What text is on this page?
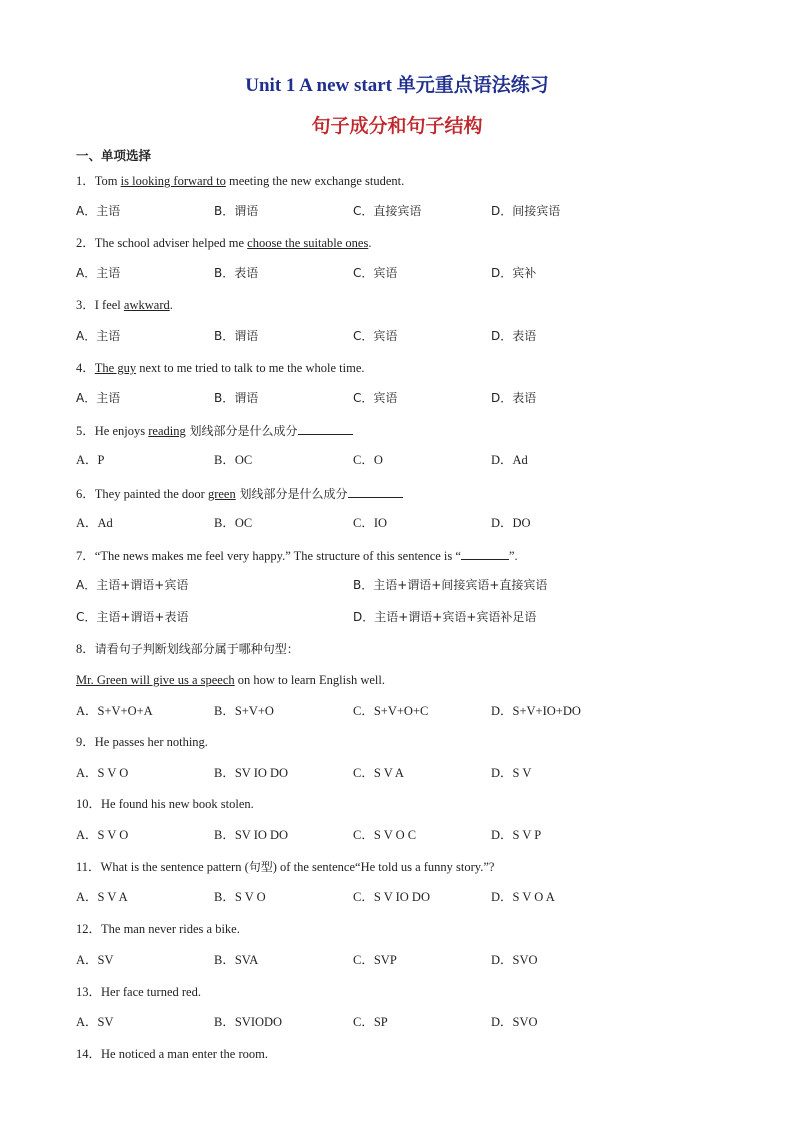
Unit 1 A new start 单元重点语法练习
句子成分和句子结构
一、单项选择
1．Tom is looking forward to meeting the new exchange student.
A．主语	B．谓语	C．直接宾语	D．间接宾语
2．The school adviser helped me choose the suitable ones.
A．主语	B．表语	C．宾语	D．宾补
3．I feel awkward.
A．主语	B．谓语	C．宾语	D．表语
4．The guy next to me tried to talk to me the whole time.
A．主语	B．谓语	C．宾语	D．表语
5．He enjoys reading 划线部分是什么成分
A．P	B．OC	C．O	D．Ad
6．They painted the door green 划线部分是什么成分
A．Ad	B．OC	C．IO	D．DO
7．“The news makes me feel very happy.” The structure of this sentence is “	”.
A．主语+谓语+宾语	B．主语+谓语+间接宾语+直接宾语
C．主语+谓语+表语	D．主语+谓语+宾语+宾语补足语
8．请看句子判断划线部分属于哪种句型：
Mr. Green will give us a speech on how to learn English well.
A．S+V+O+A	B．S+V+O	C．S+V+O+C	D．S+V+IO+DO
9．He passes her nothing.
A．S V O	B．SV IO DO	C．S V A	D．S V
10．He found his new book stolen.
A．S V O	B．SV IO DO	C．S V O C	D．S V P
11．What is the sentence pattern (句型) of the sentence“He told us a funny story.”?
A．S V A	B．S V O	C．S V IO DO	D．S V O A
12．The man never rides a bike.
A．SV	B．SVA	C．SVP	D．SVO
13．Her face turned red.
A．SV	B．SVIODO	C．SP	D．SVO
14．He noticed a man enter the room.
